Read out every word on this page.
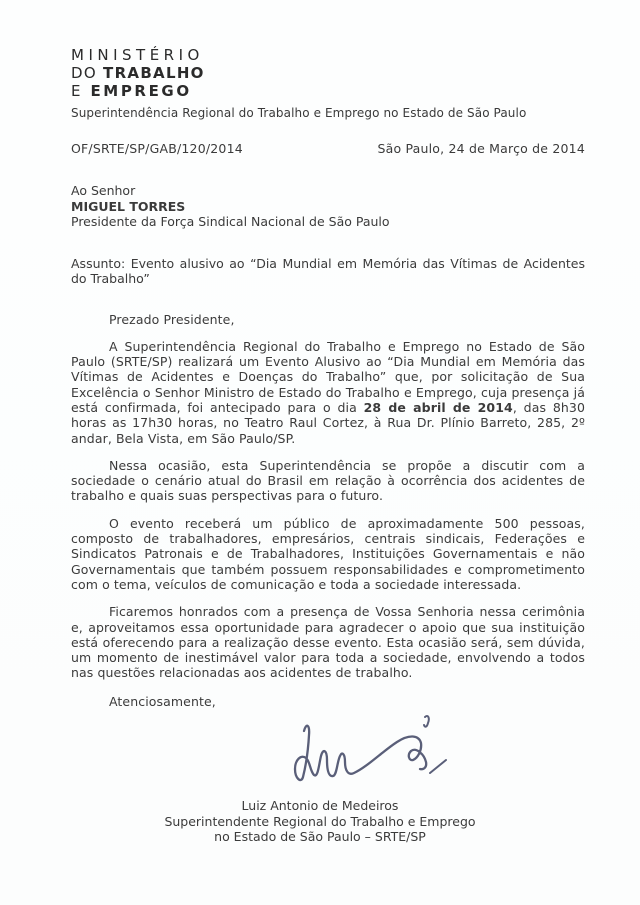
MINISTÉRIO
DO TRABALHO
E EMPREGO
Superintendência Regional do Trabalho e Emprego no Estado de São Paulo
OF/SRTE/SP/GAB/120/2014	São Paulo, 24 de Março de 2014
Ao Senhor
MIGUEL TORRES
Presidente da Força Sindical Nacional de São Paulo

Assunto: Evento alusivo ao “Dia Mundial em Memória das Vítimas de Acidentes do Trabalho”

Prezado Presidente,

A Superintendência Regional do Trabalho e Emprego no Estado de São Paulo (SRTE/SP) realizará um Evento Alusivo ao “Dia Mundial em Memória das Vítimas de Acidentes e Doenças do Trabalho” que, por solicitação de Sua Excelência o Senhor Ministro de Estado do Trabalho e Emprego, cuja presença já está confirmada, foi antecipado para o dia 28 de abril de 2014, das 8h30 horas as 17h30 horas, no Teatro Raul Cortez, à Rua Dr. Plínio Barreto, 285, 2º andar, Bela Vista, em São Paulo/SP.

Nessa ocasião, esta Superintendência se propõe a discutir com a sociedade o cenário atual do Brasil em relação à ocorrência dos acidentes de trabalho e quais suas perspectivas para o futuro.

O evento receberá um público de aproximadamente 500 pessoas, composto de trabalhadores, empresários, centrais sindicais, Federações e Sindicatos Patronais e de Trabalhadores, Instituições Governamentais e não Governamentais que também possuem responsabilidades e comprometimento com o tema, veículos de comunicação e toda a sociedade interessada.

Ficaremos honrados com a presença de Vossa Senhoria nessa cerimônia e, aproveitamos essa oportunidade para agradecer o apoio que sua instituição está oferecendo para a realização desse evento. Esta ocasião será, sem dúvida, um momento de inestimável valor para toda a sociedade, envolvendo a todos nas questões relacionadas aos acidentes de trabalho.

Atenciosamente,

Luiz Antonio de Medeiros
Superintendente Regional do Trabalho e Emprego
no Estado de São Paulo – SRTE/SP
